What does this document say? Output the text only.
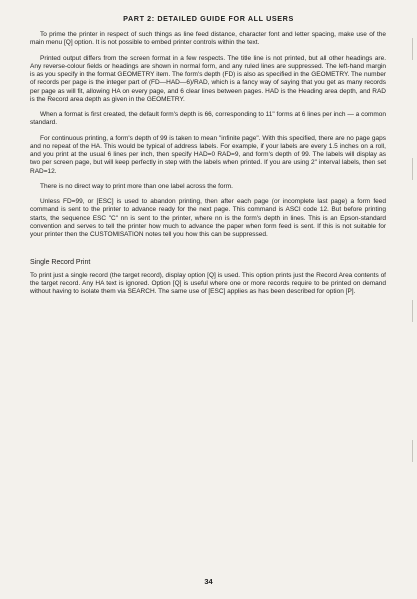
PART 2: DETAILED GUIDE FOR ALL USERS

To prime the printer in respect of such things as line feed distance, character font and letter spacing, make use of the main menu [Q] option. It is not possible to embed printer controls within the text.

Printed output differs from the screen format in a few respects. The title line is not printed, but all other headings are. Any reverse-colour fields or headings are shown in normal form, and any ruled lines are suppressed. The left-hand margin is as you specify in the format GEOMETRY item. The form's depth (FD) is also as specified in the GEOMETRY. The number of records per page is the integer part of (FD—HAD—6)/RAD, which is a fancy way of saying that you get as many records per page as will fit, allowing HA on every page, and 6 clear lines between pages. HAD is the Heading area depth, and RAD is the Record area depth as given in the GEOMETRY.

When a format is first created, the default form's depth is 66, corresponding to 11" forms at 6 lines per inch — a common standard.

For continuous printing, a form's depth of 99 is taken to mean "infinite page". With this specified, there are no page gaps and no repeat of the HA. This would be typical of address labels. For example, if your labels are every 1.5 inches on a roll, and you print at the usual 6 lines per inch, then specify HAD=0 RAD=9, and form's depth of 99. The labels will display as two per screen page, but will keep perfectly in step with the labels when printed. If you are using 2" interval labels, then set RAD=12.

There is no direct way to print more than one label across the form.

Unless FD=99, or [ESC] is used to abandon printing, then after each page (or incomplete last page) a form feed command is sent to the printer to advance ready for the next page. This command is ASCI code 12. But before printing starts, the sequence ESC "C" nn is sent to the printer, where nn is the form's depth in lines. This is an Epson-standard convention and serves to tell the printer how much to advance the paper when form feed is sent. If this is not suitable for your printer then the CUSTOMISATION notes tell you how this can be suppressed.

Single Record Print

To print just a single record (the target record), display option [Q] is used. This option prints just the Record Area contents of the target record. Any HA text is ignored. Option [Q] is useful where one or more records require to be printed on demand without having to isolate them via SEARCH. The same use of [ESC] applies as has been described for option [P].

34
